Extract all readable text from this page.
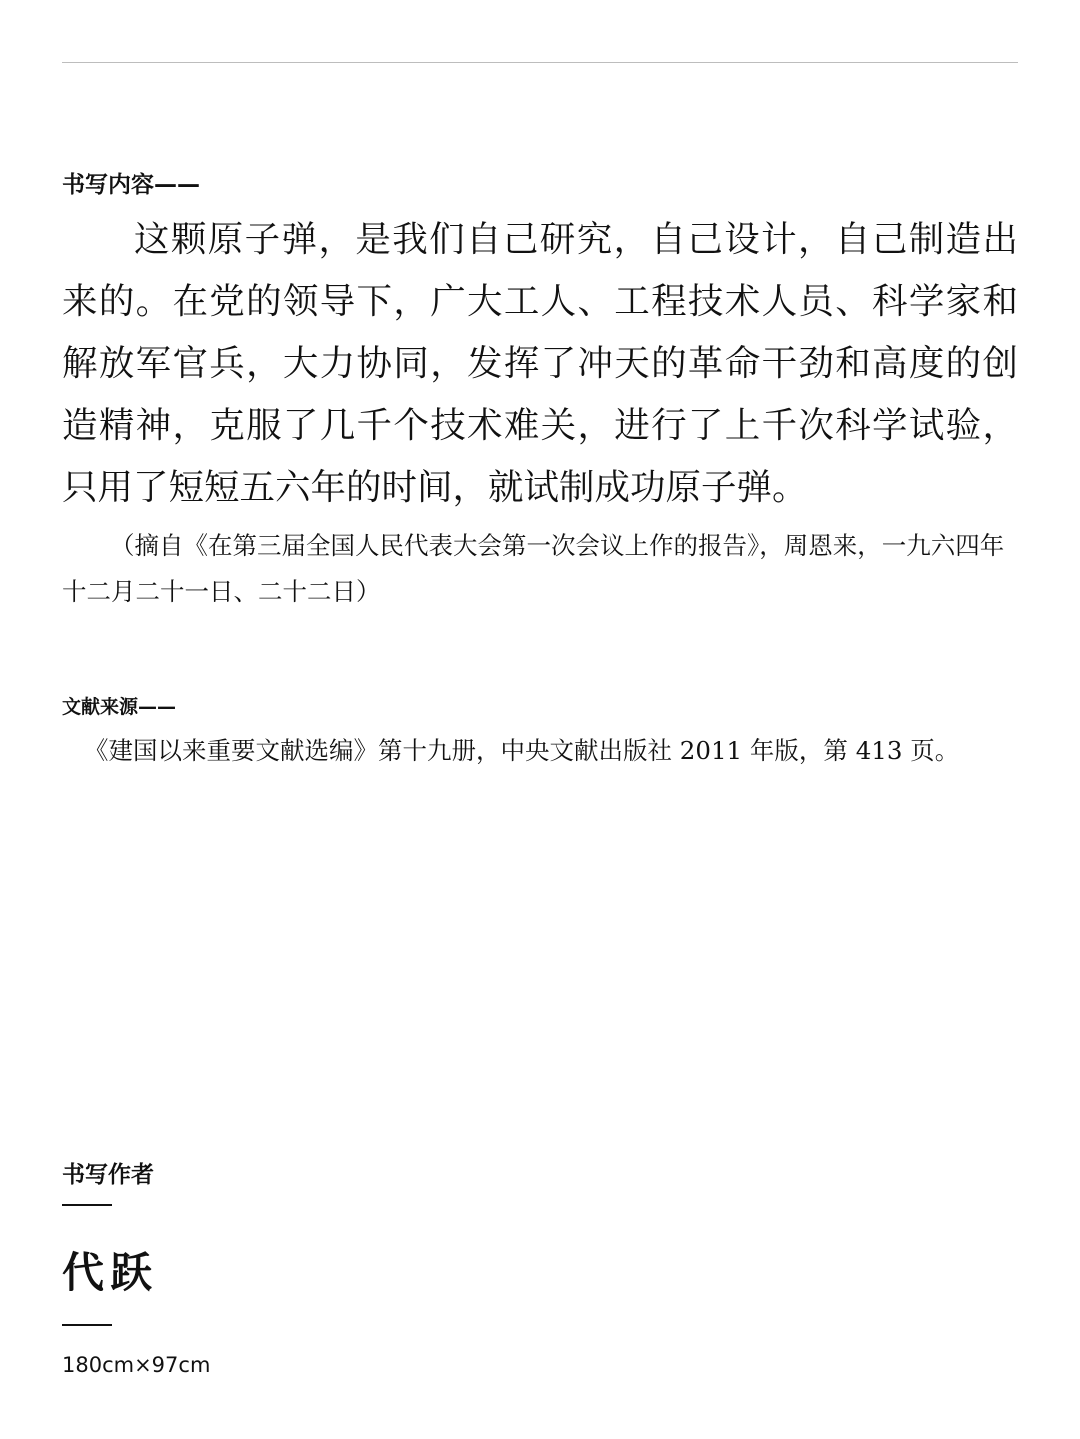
书写内容——

这颗原子弹，是我们自己研究，自己设计，自己制造出来的。在党的领导下，广大工人、工程技术人员、科学家和解放军官兵，大力协同，发挥了冲天的革命干劲和高度的创造精神，克服了几千个技术难关，进行了上千次科学试验，只用了短短五六年的时间，就试制成功原子弹。

（摘自《在第三届全国人民代表大会第一次会议上作的报告》，周恩来，一九六四年十二月二十一日、二十二日）

文献来源——

《建国以来重要文献选编》第十九册，中央文献出版社 2011 年版，第 413 页。

书写作者
代跃
180cm×97cm
